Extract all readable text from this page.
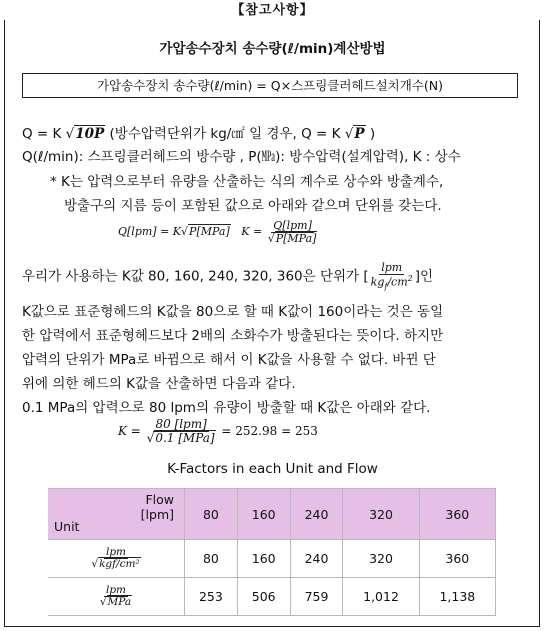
【참고사항】
가압송수장치 송수량(ℓ/min)계산방법
가압송수장치 송수량(ℓ/min) = Q×스프링클러헤드설치개수(N)
Q = K √10P (방수압력단위가 kg/㎠ 일 경우, Q = K √P )
Q(ℓ/min): 스프링클러헤드의 방수량 , P(㎫): 방수압력(설계압력), K : 상수
* K는 압력으로부터 유량을 산출하는 식의 계수로 상수와 방출계수,
방출구의 지름 등이 포함된 값으로 아래와 같으며 단위를 갖는다.
Q[lpm] = K√P[MPa] $K = \frac{\text{Q[lpm]}}{\text{√P[MPa]}}$
우리가 사용하는 K값 80, 160, 240, 320, 360은 단위가 [ $\frac{\text{lpm}}{kg_f/cm^2}$ ]인
K값으로 표준형헤드의 K값을 80으로 할 때 K값이 160이라는 것은 동일
한 압력에서 표준형헤드보다 2배의 소화수가 방출된다는 뜻이다. 하지만
압력의 단위가 MPa로 바뀜으로 해서 이 K값을 사용할 수 없다. 바뀐 단
위에 의한 헤드의 K값을 산출하면 다음과 같다.
0.1 MPa의 압력으로 80 lpm의 유량이 방출할 때 K값은 아래와 같다.
$K = \frac{\text{80 [lpm]}}{\text{√0.1 [MPa]}} = 252.98 = 253$
K-Factors in each Unit and Flow
Flow
[lpm]
Unit	80	160	240	320	360

$\frac{\text{lpm}}{\text{√kgf/cm²}}$	80	160	240	320	360

$\frac{\text{lpm}}{\text{√MPa}}$	253	506	759	1,012	1,138
